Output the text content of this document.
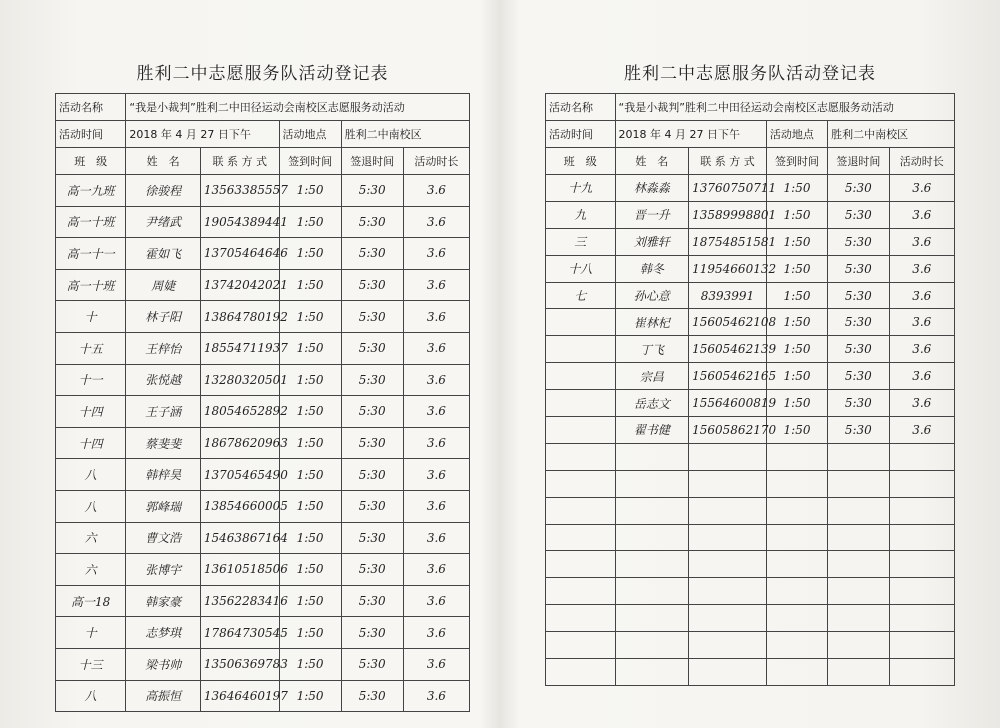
胜利二中志愿服务队活动登记表
活动名称	“我是小裁判”胜利二中田径运动会南校区志愿服务动活动				
活动时间	2018 年 4 月 27 日下午		活动地点	胜利二中南校区	
班　级	姓　名	联 系 方 式	签到时间	签退时间	活动时长
高一九班	徐骏程	13563385557	1:50	5:30	3.6
高一十班	尹绪武	19054389441	1:50	5:30	3.6
高一十一	霍如飞	13705464646	1:50	5:30	3.6
高一十班	周婕	13742042021	1:50	5:30	3.6
十	林子阳	13864780192	1:50	5:30	3.6
十五	王梓怡	18554711937	1:50	5:30	3.6
十一	张悦越	13280320501	1:50	5:30	3.6
十四	王子涵	18054652892	1:50	5:30	3.6
十四	蔡斐斐	18678620963	1:50	5:30	3.6
八	韩梓昊	13705465490	1:50	5:30	3.6
八	郭峰瑞	13854660005	1:50	5:30	3.6
六	曹文浩	15463867164	1:50	5:30	3.6
六	张博宇	13610518506	1:50	5:30	3.6
高一18	韩家豪	13562283416	1:50	5:30	3.6
十	志梦琪	17864730545	1:50	5:30	3.6
十三	梁书帅	13506369783	1:50	5:30	3.6
八	高振恒	13646460197	1:50	5:30	3.6
胜利二中志愿服务队活动登记表
活动名称	“我是小裁判”胜利二中田径运动会南校区志愿服务动活动				
活动时间	2018 年 4 月 27 日下午		活动地点	胜利二中南校区	
班　级	姓　名	联 系 方 式	签到时间	签退时间	活动时长
十九	林淼淼	13760750711	1:50	5:30	3.6
九	晋一升	13589998801	1:50	5:30	3.6
三	刘雅轩	18754851581	1:50	5:30	3.6
十八	韩冬	11954660132	1:50	5:30	3.6
七	孙心意	8393991	1:50	5:30	3.6
	崔林杞	15605462108	1:50	5:30	3.6
	丁飞	15605462139	1:50	5:30	3.6
	宗昌	15605462165	1:50	5:30	3.6
	岳志文	15564600819	1:50	5:30	3.6
	翟书健	15605862170	1:50	5:30	3.6
